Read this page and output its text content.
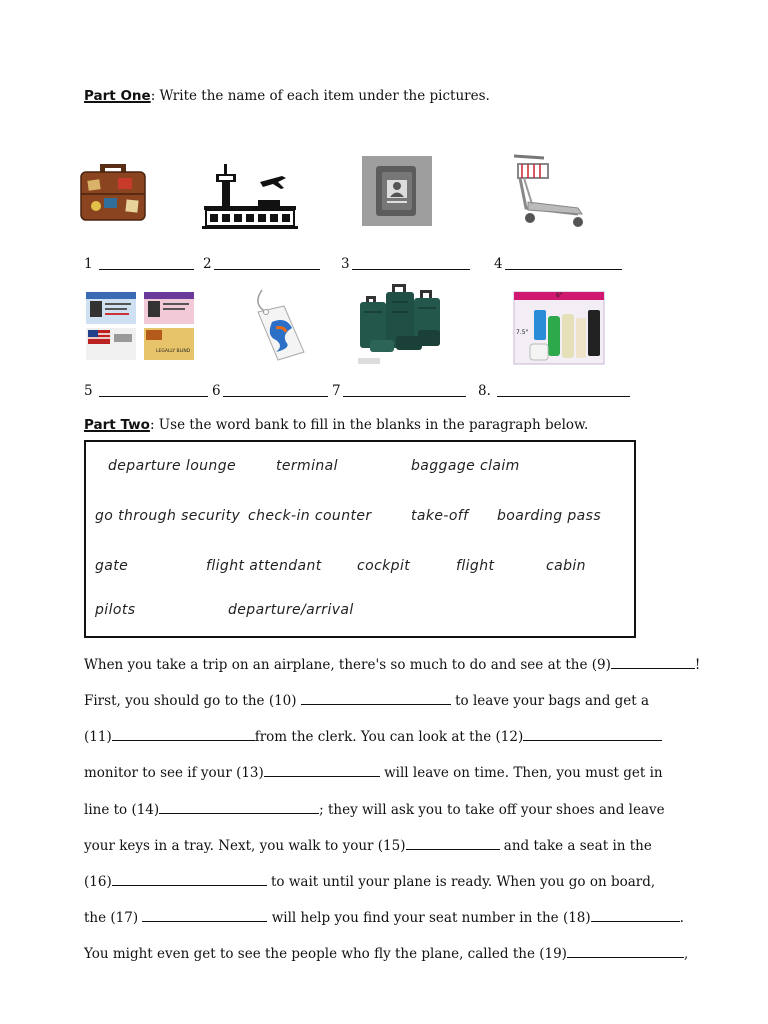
Part One: Write the name of each item under the pictures.
1	2	3	4
LEGALLY BLIND
6"
7.5"
5	6	7	8.
Part Two: Use the word bank to fill in the blanks in the paragraph below.
departure lounge	terminal	baggage claim
go through security check-in counter	take-off boarding pass
gate	flight attendant	cockpit	flight	cabin
pilots	departure/arrival
When you take a trip on an airplane, there's so much to do and see at the (9)	!
First, you should go to the (10)	to leave your bags and get a
(11)	from the clerk. You can look at the (12)
monitor to see if your (13)	will leave on time. Then, you must get in
line to (14)	; they will ask you to take off your shoes and leave
your keys in a tray. Next, you walk to your (15)	and take a seat in the
(16)	to wait until your plane is ready. When you go on board,
the (17)	will help you find your seat number in the (18)	.
You might even get to see the people who fly the plane, called the (19)	,
